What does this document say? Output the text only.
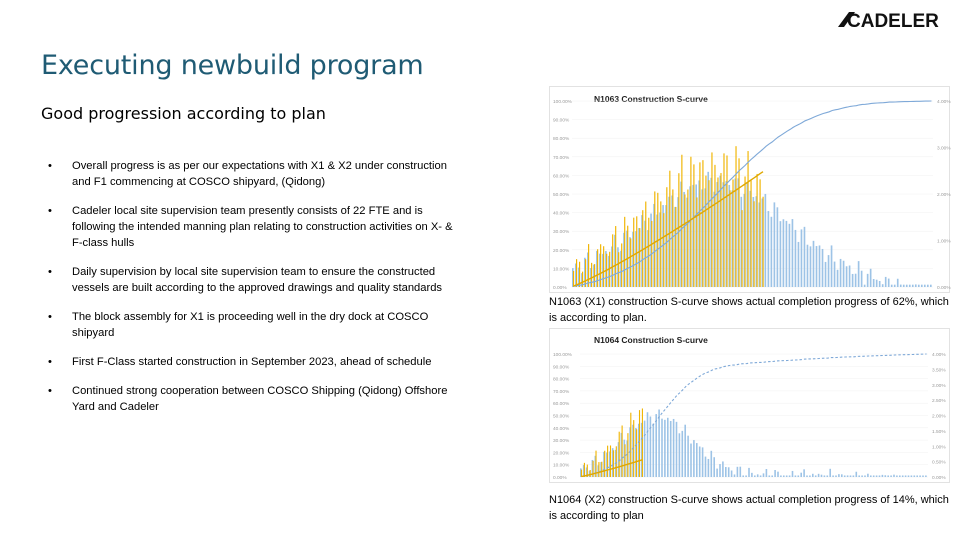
CADELER
Executing newbuild program
Good progression according to plan
• Overall progress is as per our expectations with X1 & X2 under construction and F1 commencing at COSCO shipyard, (Qidong)
• Cadeler local site supervision team presently consists of 22 FTE and is following the intended manning plan relating to construction activities on X- & F-class hulls
• Daily supervision by local site supervision team to ensure the constructed vessels are built according to the approved drawings and quality standards
• The block assembly for X1 is proceeding well in the dry dock at COSCO shipyard
• First F-Class started construction in September 2023, ahead of schedule
• Continued strong cooperation between COSCO Shipping (Qidong) Offshore Yard and Cadeler
N1063 Construction S-curve
100.00%
90.00%
80.00%
70.00%
60.00%
50.00%
40.00%
30.00%
20.00%
10.00%
0.00%
4.00%
3.00%
2.00%
1.00%
0.00%
N1063 (X1) construction S-curve shows actual completion progress of 62%, which is according to plan.
N1064 Construction S-curve
100.00%
90.00%
80.00%
70.00%
60.00%
50.00%
40.00%
30.00%
20.00%
10.00%
0.00%
4.00%
3.50%
3.00%
2.50%
2.00%
1.50%
1.00%
0.50%
0.00%
N1064 (X2) construction S-curve shows actual completion progress of 14%, which is according to plan
